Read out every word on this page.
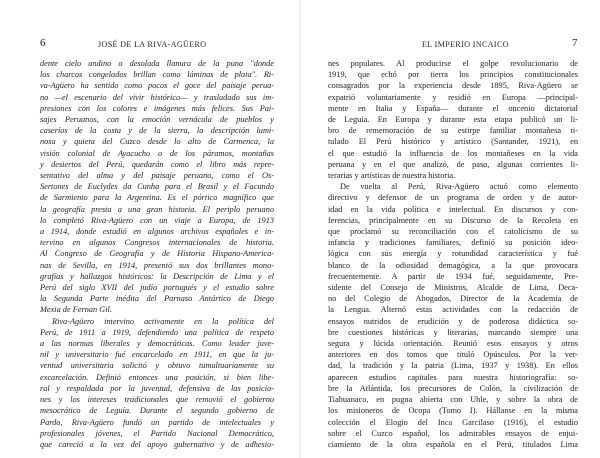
6	JOSÉ DE LA RIVA-AGÜERO
dente cielo andino o desolada llanura de la puna "donde
los charcos congelados brillan como láminas de plata". Ri-
va-Agüero ha sentido como pocos el goce del paisaje perua-
no —el escenario del vivir histórico— y trasladado sus im-
presiones con los colores e imágenes más felices. Sus Pai-
sajes Peruanos, con la emoción vernácula de pueblos y
caseríos de la costa y de la sierra, la descripción lumi-
nosa y quieta del Cuzco desde lo alto de Carmenca, la
visión colonial de Ayacucho o de los páramos, montañas
y desiertos del Perú, quedarán como el libro más repre-
sentativo del alma y del paisaje peruano, como el Os-
Sertones de Euclydes da Cunha para el Brasil y el Facundo
de Sarmiento para la Argentina. Es el pórtico magnífico que
la geografía presta a una gran historia. El periplo peruano
lo completó Riva-Agüero con un viaje a Europa, de 1913
a 1914, donde estudió en algunos archivos españoles e in-
tervino en algunos Congresos internacionales de historia.
Al Congreso de Geografía y de Historia Hispano-America-
nas de Sevilla, en 1914, presentó sus dos brillantes mono-
grafías y hallazgos históricos: la Descripción de Lima y el
Perú del siglo XVII del judío portugués y el estudio sobre
la Segunda Parte inédita del Parnaso Antártico de Diego
Mexia de Fernan Gil.
Riva-Agüero intervino activamente en la política del
Perú, de 1911 a 1919, defendiendo una política de respeto
a las normas liberales y democráticas. Como leader juve-
nil y universitario fué encarcelado en 1911, en que la ju-
ventud universitaria solicitó y obtuvo tumultuariamente su
excarcelación. Definió entonces una posición, si bien libe-
ral y respaldada por la juventud, defensiva de las posicio-
nes y los intereses tradicionales que removió el gobierno
mesocrático de Leguía. Durante el segundo gobierno de
Pardo, Riva-Agüero fundó un partido de intelectuales y
profesionales jóvenes, el Partido Nacional Democrático,
que careció a la vez del apoyo gubernativo y de adhesio-
EL IMPERIO INCAICO	7
nes populares. Al producirse el golpe revolucionario de
1919, que echó por tierra los principios constitucionales
consagrados por la experiencia desde 1895, Riva-Agüero se
expatrió voluntariamente y residió en Europa —principal-
mente en Italia y España— durante el oncenio dictatorial
de Leguía. En Europa y durante esta etapa publicó un li-
bro de rememoración de su estirpe familiar montañesa ti-
tulado El Perú histórico y artístico (Santander, 1921), en
el que estudió la influencia de los montañeses en la vida
peruana y en el que analizó, de paso, algunas corrientes li-
terarias y artísticas de nuestra historia.
De vuelta al Perú, Riva-Agüero actuó como elemento
directivo y defensor de un programa de orden y de autor-
idad en la vida política e intelectual. En discursos y con-
ferencias, principalmente en su Discurso de la Recoleta en
que proclamó su reconciliación con el catolicismo de su
infancia y tradiciones familiares, definió su posición ideo-
lógica con sus energía y rotundidad característica y fué
blanco de la odiosidad demagógica, a la que provocara
frecuentemente. A partir de 1934 fué, seguidamente, Pre-
sidente del Consejo de Ministros, Alcalde de Lima, Deca-
no del Colegio de Abogados, Director de la Academia de
la Lengua. Alternó estas actividades con la redacción de
ensayos nutridos de erudición y de poderosa didáctica so-
bre cuestiones históricas y literarias, marcando siempre una
segura y lúcida orientación. Reunió esos ensayos y otros
anteriores en dos tomos que tituló Opúsculos. Por la ver-
dad, la tradición y la patria (Lima, 1937 y 1938). En ellos
aparecen estudios capitales para nuestra historiografía: so-
bre la Atlántida, los precursores de Colón, la civilización de
Tiahuanaco, en pugna abierta con Uhle, y sobre la obra de
los misioneros de Ocopa (Tomo I). Hállanse en la misma
colección el Elogio del Inca Garcilaso (1916), el estudio
sobre el Cuzco español, los admirables ensayos de enjui-
ciamiento de la obra española en el Perú, titulados Lima
